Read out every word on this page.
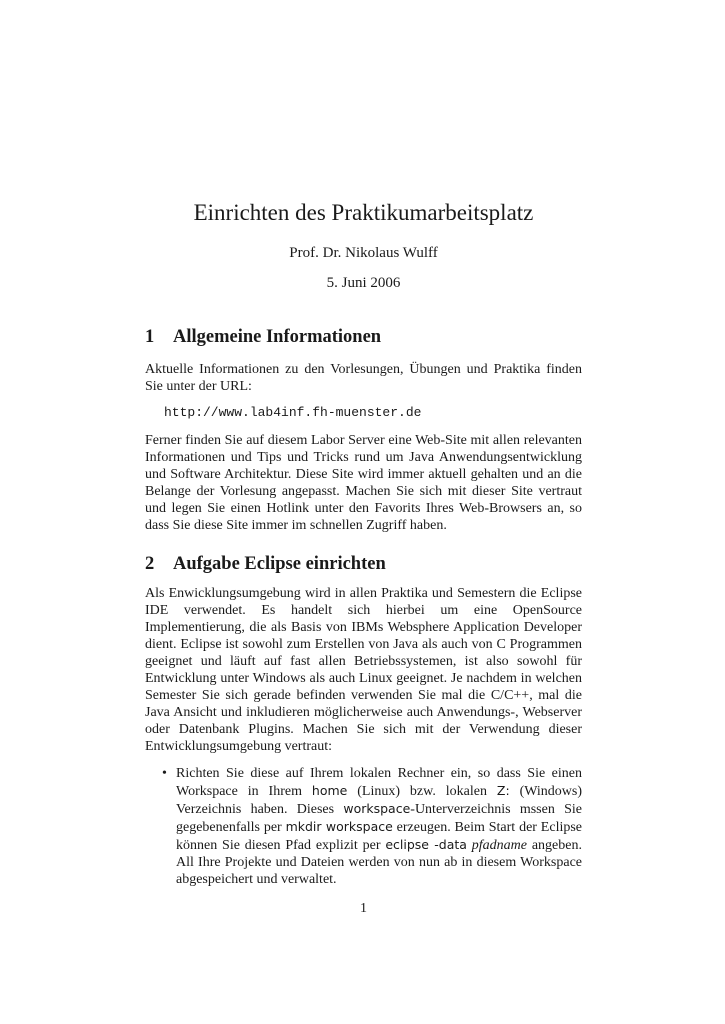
Einrichten des Praktikumarbeitsplatz
Prof. Dr. Nikolaus Wulff
5. Juni 2006
1 Allgemeine Informationen

Aktuelle Informationen zu den Vorlesungen, Übungen und Praktika finden Sie unter der URL:

http://www.lab4inf.fh-muenster.de

Ferner finden Sie auf diesem Labor Server eine Web-Site mit allen relevanten Informationen und Tips und Tricks rund um Java Anwendungsentwicklung und Software Architektur. Diese Site wird immer aktuell gehalten und an die Belange der Vorlesung angepasst. Machen Sie sich mit dieser Site vertraut und legen Sie einen Hotlink unter den Favorits Ihres Web-Browsers an, so dass Sie diese Site immer im schnellen Zugriff haben.

2 Aufgabe Eclipse einrichten

Als Enwicklungsumgebung wird in allen Praktika und Semestern die Eclipse IDE verwendet. Es handelt sich hierbei um eine OpenSource Implementierung, die als Basis von IBMs Websphere Application Developer dient. Eclipse ist sowohl zum Erstellen von Java als auch von C Programmen geeignet und läuft auf fast allen Betriebssystemen, ist also sowohl für Entwicklung unter Windows als auch Linux geeignet. Je nachdem in welchen Semester Sie sich gerade befinden verwenden Sie mal die C/C++, mal die Java Ansicht und inkludieren möglicherweise auch Anwendungs-, Webserver oder Datenbank Plugins. Machen Sie sich mit der Verwendung dieser Entwicklungsumgebung vertraut:

• Richten Sie diese auf Ihrem lokalen Rechner ein, so dass Sie einen Workspace in Ihrem home (Linux) bzw. lokalen Z: (Windows) Verzeichnis haben. Dieses workspace-Unterverzeichnis mssen Sie gegebenenfalls per mkdir workspace erzeugen. Beim Start der Eclipse können Sie diesen Pfad explizit per eclipse -data pfadname angeben. All Ihre Projekte und Dateien werden von nun ab in diesem Workspace abgespeichert und verwaltet.

1
